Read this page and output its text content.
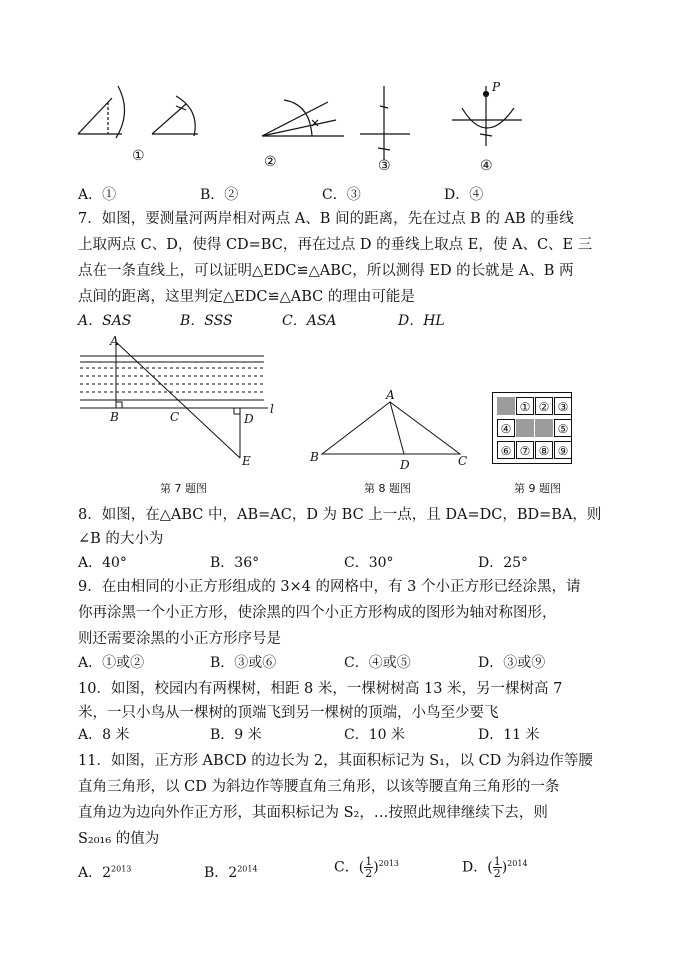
P
①	②	③	④
A．①	B．②	C．③	D．④
7．如图，要测量河两岸相对两点 A、B 间的距离，先在过点 B 的 AB 的垂线
上取两点 C、D，使得 CD=BC，再在过点 D 的垂线上取点 E，使 A、C、E 三
点在一条直线上，可以证明△EDC≌△ABC，所以测得 ED 的长就是 A、B 两
点间的距离，这里判定△EDC≌△ABC 的理由可能是
A．SAS	B．SSS	C．ASA	D．HL
A
B	C	D
E
l
第 7 题图
A
B
D	C
第 8 题图
① ② ③
④	⑤
⑥ ⑦ ⑧ ⑨
第 9 题图
8．如图，在△ABC 中，AB=AC，D 为 BC 上一点，且 DA=DC，BD=BA，则
∠B 的大小为
A．40°	B．36°	C．30°	D．25°
9．在由相同的小正方形组成的 3×4 的网格中，有 3 个小正方形已经涂黑，请
你再涂黑一个小正方形，使涂黑的四个小正方形构成的图形为轴对称图形，
则还需要涂黑的小正方形序号是
A．①或②	B．③或⑥	C．④或⑤	D．③或⑨
10．如图，校园内有两棵树，相距 8 米，一棵树树高 13 米，另一棵树高 7
米，一只小鸟从一棵树的顶端飞到另一棵树的顶端，小鸟至少要飞
A．8 米	B．9 米	C．10 米	D．11 米
11．如图，正方形 ABCD 的边长为 2，其面积标记为 S₁，以 CD 为斜边作等腰
直角三角形，以 CD 为斜边作等腰直角三角形，以该等腰直角三角形的一条
直角边为边向外作正方形，其面积标记为 S₂，…按照此规律继续下去，则
S₂₀₁₆ 的值为
A．$2^{2013}$	B．$2^{2014}$	C．( $\frac{1}{2} )^{2013}$	D．( $\frac{1}{2} )^{2014}$
